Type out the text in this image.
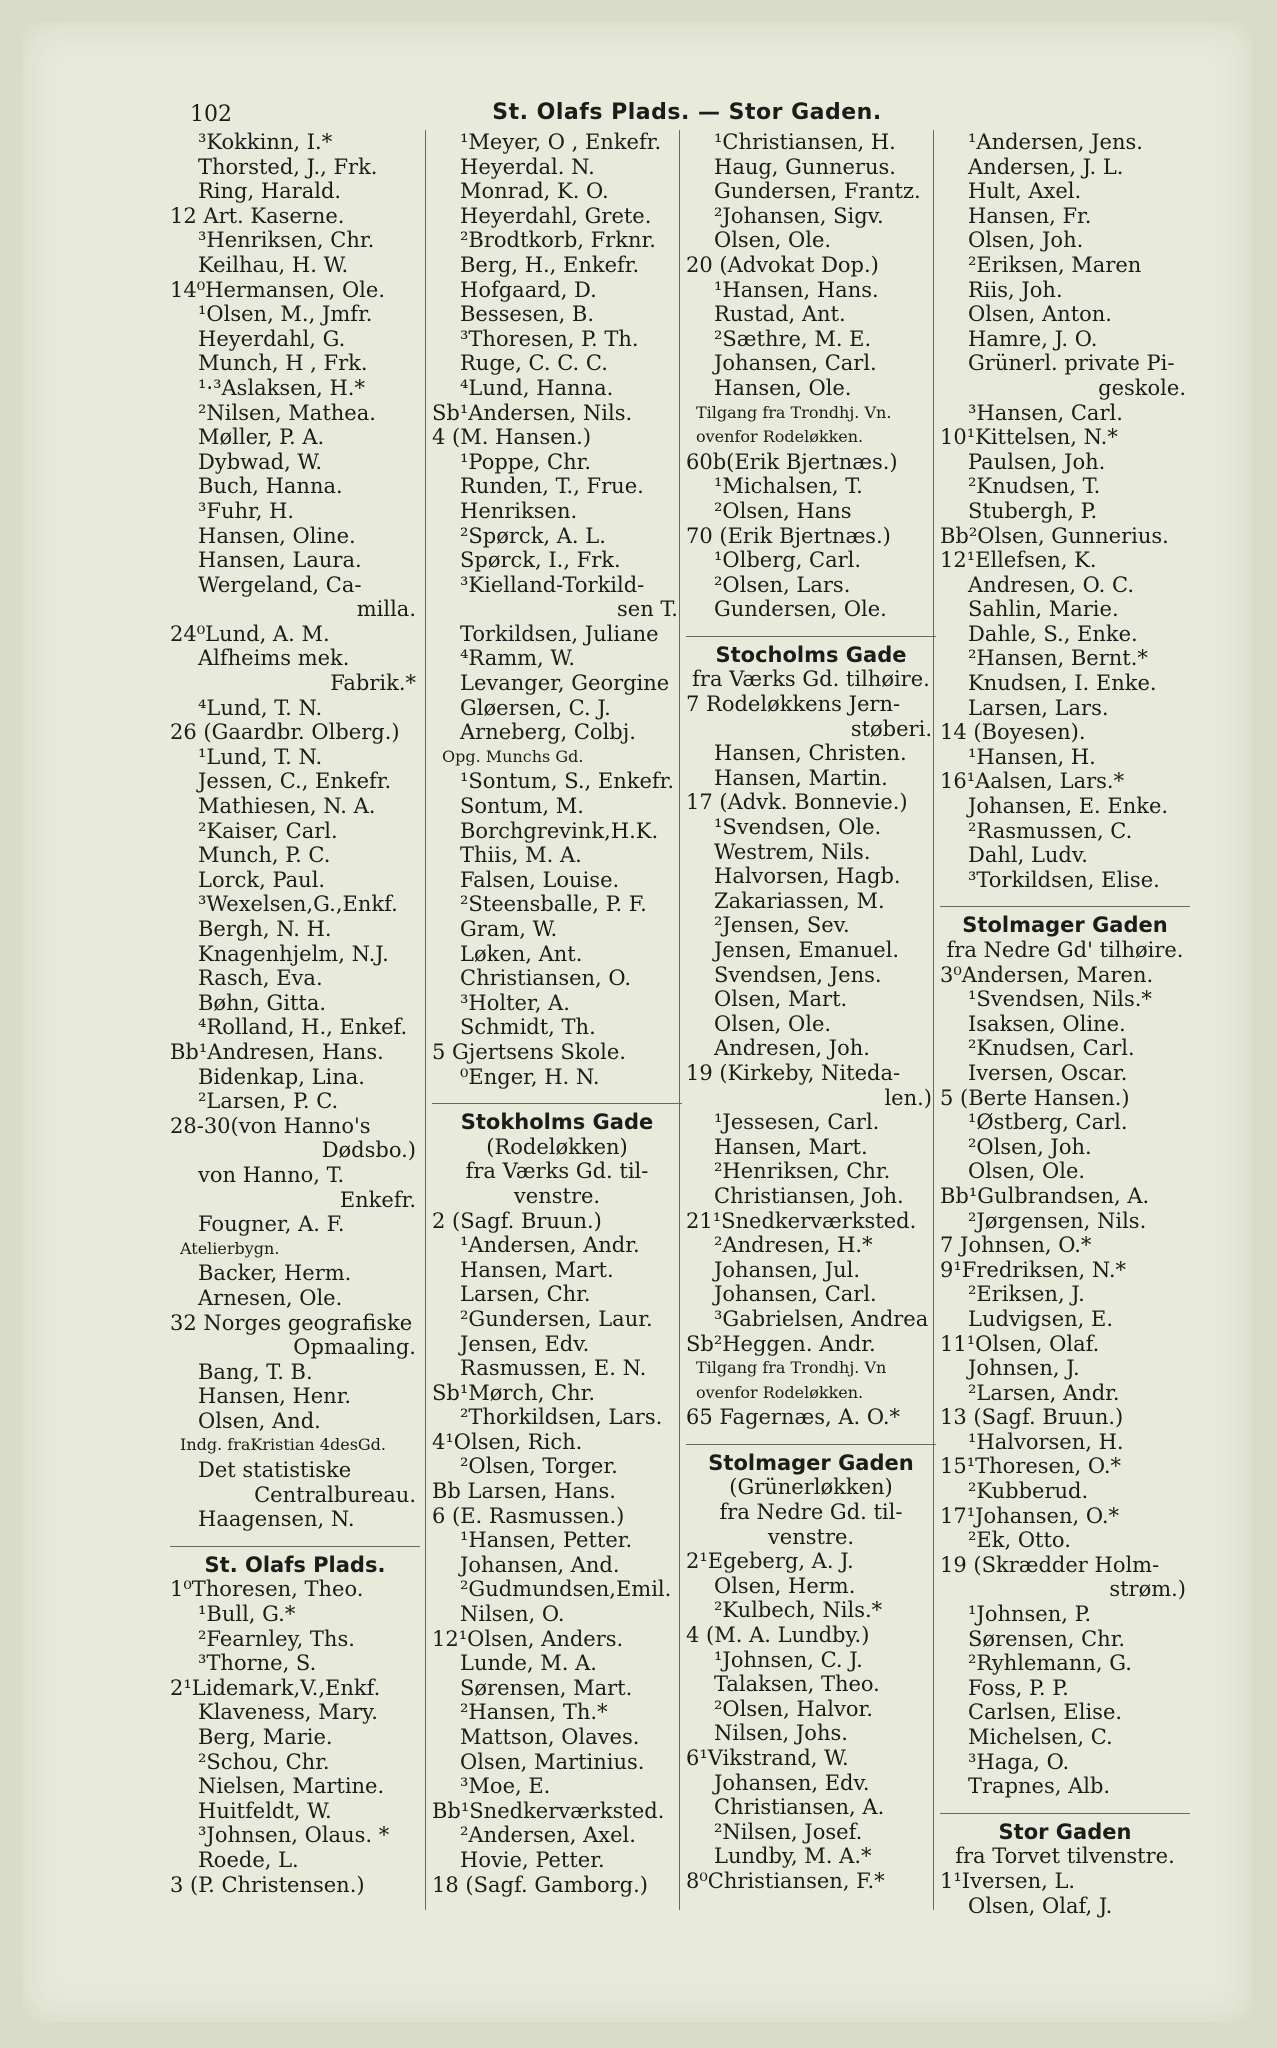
102	St. Olafs Plads. — Stor Gaden.
³Kokkinn, I.*
Thorsted, J., Frk.
Ring, Harald.
12 Art. Kaserne.
³Henriksen, Chr.
Keilhau, H. W.
14⁰Hermansen, Ole.
¹Olsen, M., Jmfr.
Heyerdahl, G.
Munch, H , Frk.
¹·³Aslaksen, H.*
²Nilsen, Mathea.
Møller, P. A.
Dybwad, W.
Buch, Hanna.
³Fuhr, H.
Hansen, Oline.
Hansen, Laura.
Wergeland, Ca-
milla.
24⁰Lund, A. M.
Alfheims mek.
Fabrik.*
⁴Lund, T. N.
26 (Gaardbr. Olberg.)
¹Lund, T. N.
Jessen, C., Enkefr.
Mathiesen, N. A.
²Kaiser, Carl.
Munch, P. C.
Lorck, Paul.
³Wexelsen,G.,Enkf.
Bergh, N. H.
Knagenhjelm, N.J.
Rasch, Eva.
Bøhn, Gitta.
⁴Rolland, H., Enkef.
Bb¹Andresen, Hans.
Bidenkap, Lina.
²Larsen, P. C.
28-30(von Hanno's
Dødsbo.)
von Hanno, T.
Enkefr.
Fougner, A. F.
Atelierbygn.
Backer, Herm.
Arnesen, Ole.
32 Norges geografiske
Opmaaling.
Bang, T. B.
Hansen, Henr.
Olsen, And.
Indg. fraKristian 4desGd.
Det statistiske
Centralbureau.
Haagensen, N.
St. Olafs Plads.
1⁰Thoresen, Theo.
¹Bull, G.*
²Fearnley, Ths.
³Thorne, S.
2¹Lidemark,V.,Enkf.
Klaveness, Mary.
Berg, Marie.
²Schou, Chr.
Nielsen, Martine.
Huitfeldt, W.
³Johnsen, Olaus. *
Roede, L.
3 (P. Christensen.)
¹Meyer, O , Enkefr.
Heyerdal. N.
Monrad, K. O.
Heyerdahl, Grete.
²Brodtkorb, Frknr.
Berg, H., Enkefr.
Hofgaard, D.
Bessesen, B.
³Thoresen, P. Th.
Ruge, C. C. C.
⁴Lund, Hanna.
Sb¹Andersen, Nils.
4 (M. Hansen.)
¹Poppe, Chr.
Runden, T., Frue.
Henriksen.
²Spørck, A. L.
Spørck, I., Frk.
³Kielland-Torkild-
sen T.
Torkildsen, Juliane
⁴Ramm, W.
Levanger, Georgine
Gløersen, C. J.
Arneberg, Colbj.
Opg. Munchs Gd.
¹Sontum, S., Enkefr.
Sontum, M.
Borchgrevink,H.K.
Thiis, M. A.
Falsen, Louise.
²Steensballe, P. F.
Gram, W.
Løken, Ant.
Christiansen, O.
³Holter, A.
Schmidt, Th.
5 Gjertsens Skole.
⁰Enger, H. N.
Stokholms Gade
(Rodeløkken)
fra Værks Gd. til-
venstre.
2 (Sagf. Bruun.)
¹Andersen, Andr.
Hansen, Mart.
Larsen, Chr.
²Gundersen, Laur.
Jensen, Edv.
Rasmussen, E. N.
Sb¹Mørch, Chr.
²Thorkildsen, Lars.
4¹Olsen, Rich.
²Olsen, Torger.
Bb Larsen, Hans.
6 (E. Rasmussen.)
¹Hansen, Petter.
Johansen, And.
²Gudmundsen,Emil.
Nilsen, O.
12¹Olsen, Anders.
Lunde, M. A.
Sørensen, Mart.
²Hansen, Th.*
Mattson, Olaves.
Olsen, Martinius.
³Moe, E.
Bb¹Snedkerværksted.
²Andersen, Axel.
Hovie, Petter.
18 (Sagf. Gamborg.)
¹Christiansen, H.
Haug, Gunnerus.
Gundersen, Frantz.
²Johansen, Sigv.
Olsen, Ole.
20 (Advokat Dop.)
¹Hansen, Hans.
Rustad, Ant.
²Sæthre, M. E.
Johansen, Carl.
Hansen, Ole.
Tilgang fra Trondhj. Vn.
ovenfor Rodeløkken.
60b(Erik Bjertnæs.)
¹Michalsen, T.
²Olsen, Hans
70 (Erik Bjertnæs.)
¹Olberg, Carl.
²Olsen, Lars.
Gundersen, Ole.
Stocholms Gade
fra Værks Gd. tilhøire.
7 Rodeløkkens Jern-
støberi.
Hansen, Christen.
Hansen, Martin.
17 (Advk. Bonnevie.)
¹Svendsen, Ole.
Westrem, Nils.
Halvorsen, Hagb.
Zakariassen, M.
²Jensen, Sev.
Jensen, Emanuel.
Svendsen, Jens.
Olsen, Mart.
Olsen, Ole.
Andresen, Joh.
19 (Kirkeby, Niteda-
len.)
¹Jessesen, Carl.
Hansen, Mart.
²Henriksen, Chr.
Christiansen, Joh.
21¹Snedkerværksted.
²Andresen, H.*
Johansen, Jul.
Johansen, Carl.
³Gabrielsen, Andrea
Sb²Heggen. Andr.
Tilgang fra Trondhj. Vn
ovenfor Rodeløkken.
65 Fagernæs, A. O.*
Stolmager Gaden
(Grünerløkken)
fra Nedre Gd. til-
venstre.
2¹Egeberg, A. J.
Olsen, Herm.
²Kulbech, Nils.*
4 (M. A. Lundby.)
¹Johnsen, C. J.
Talaksen, Theo.
²Olsen, Halvor.
Nilsen, Johs.
6¹Vikstrand, W.
Johansen, Edv.
Christiansen, A.
²Nilsen, Josef.
Lundby, M. A.*
8⁰Christiansen, F.*
¹Andersen, Jens.
Andersen, J. L.
Hult, Axel.
Hansen, Fr.
Olsen, Joh.
²Eriksen, Maren
Riis, Joh.
Olsen, Anton.
Hamre, J. O.
Grünerl. private Pi-
geskole.
³Hansen, Carl.
10¹Kittelsen, N.*
Paulsen, Joh.
²Knudsen, T.
Stubergh, P.
Bb²Olsen, Gunnerius.
12¹Ellefsen, K.
Andresen, O. C.
Sahlin, Marie.
Dahle, S., Enke.
²Hansen, Bernt.*
Knudsen, I. Enke.
Larsen, Lars.
14 (Boyesen).
¹Hansen, H.
16¹Aalsen, Lars.*
Johansen, E. Enke.
²Rasmussen, C.
Dahl, Ludv.
³Torkildsen, Elise.
Stolmager Gaden
fra Nedre Gd' tilhøire.
3⁰Andersen, Maren.
¹Svendsen, Nils.*
Isaksen, Oline.
²Knudsen, Carl.
Iversen, Oscar.
5 (Berte Hansen.)
¹Østberg, Carl.
²Olsen, Joh.
Olsen, Ole.
Bb¹Gulbrandsen, A.
²Jørgensen, Nils.
7 Johnsen, O.*
9¹Fredriksen, N.*
²Eriksen, J.
Ludvigsen, E.
11¹Olsen, Olaf.
Johnsen, J.
²Larsen, Andr.
13 (Sagf. Bruun.)
¹Halvorsen, H.
15¹Thoresen, O.*
²Kubberud.
17¹Johansen, O.*
²Ek, Otto.
19 (Skrædder Holm-
strøm.)
¹Johnsen, P.
Sørensen, Chr.
²Ryhlemann, G.
Foss, P. P.
Carlsen, Elise.
Michelsen, C.
³Haga, O.
Trapnes, Alb.
Stor Gaden
fra Torvet tilvenstre.
1¹Iversen, L.
Olsen, Olaf, J.
